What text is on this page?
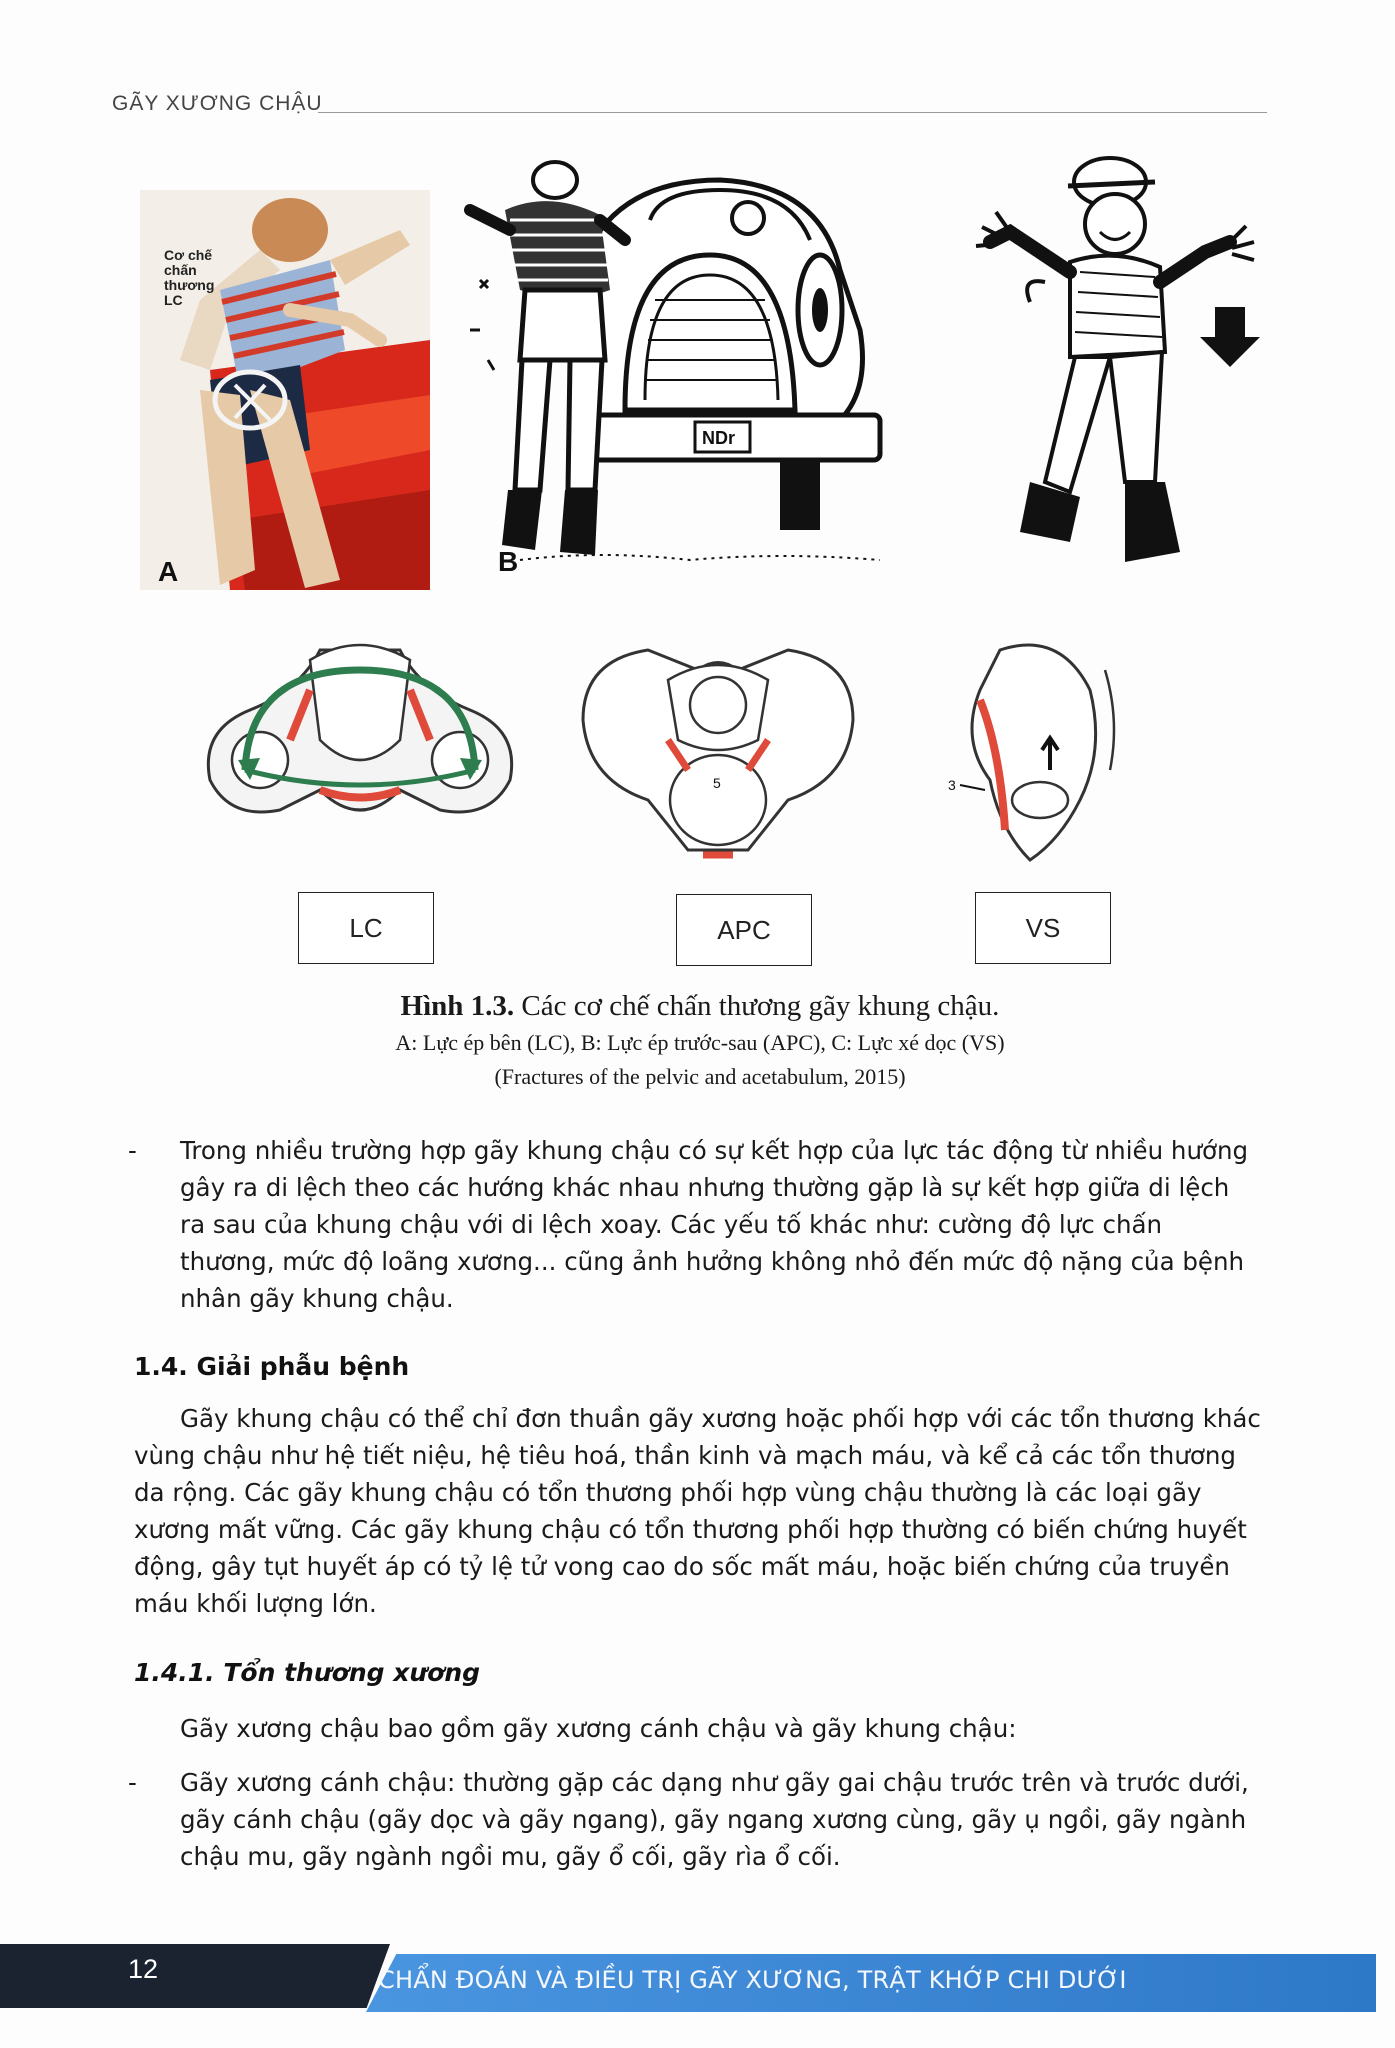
GÃY XƯƠNG CHẬU
Cơ chế chấn thương LC
A
NDr
B
C
5	3
LC	APC	VS
Hình 1.3. Các cơ chế chấn thương gãy khung chậu.
A: Lực ép bên (LC), B: Lực ép trước-sau (APC), C: Lực xé dọc (VS)
(Fractures of the pelvic and acetabulum, 2015)
-	Trong nhiều trường hợp gãy khung chậu có sự kết hợp của lực tác động từ nhiều hướng gây ra di lệch theo các hướng khác nhau nhưng thường gặp là sự kết hợp giữa di lệch ra sau của khung chậu với di lệch xoay. Các yếu tố khác như: cường độ lực chấn thương, mức độ loãng xương... cũng ảnh hưởng không nhỏ đến mức độ nặng của bệnh nhân gãy khung chậu.
1.4. Giải phẫu bệnh
Gãy khung chậu có thể chỉ đơn thuần gãy xương hoặc phối hợp với các tổn thương khác vùng chậu như hệ tiết niệu, hệ tiêu hoá, thần kinh và mạch máu, và kể cả các tổn thương da rộng. Các gãy khung chậu có tổn thương phối hợp vùng chậu thường là các loại gãy xương mất vững. Các gãy khung chậu có tổn thương phối hợp thường có biến chứng huyết động, gây tụt huyết áp có tỷ lệ tử vong cao do sốc mất máu, hoặc biến chứng của truyền máu khối lượng lớn.
1.4.1. Tổn thương xương
Gãy xương chậu bao gồm gãy xương cánh chậu và gãy khung chậu:
-	Gãy xương cánh chậu: thường gặp các dạng như gãy gai chậu trước trên và trước dưới, gãy cánh chậu (gãy dọc và gãy ngang), gãy ngang xương cùng, gãy ụ ngồi, gãy ngành chậu mu, gãy ngành ngồi mu, gãy ổ cối, gãy rìa ổ cối.
12	CHẨN ĐOÁN VÀ ĐIỀU TRỊ GÃY XƯƠNG, TRẬT KHỚP CHI DƯỚI
